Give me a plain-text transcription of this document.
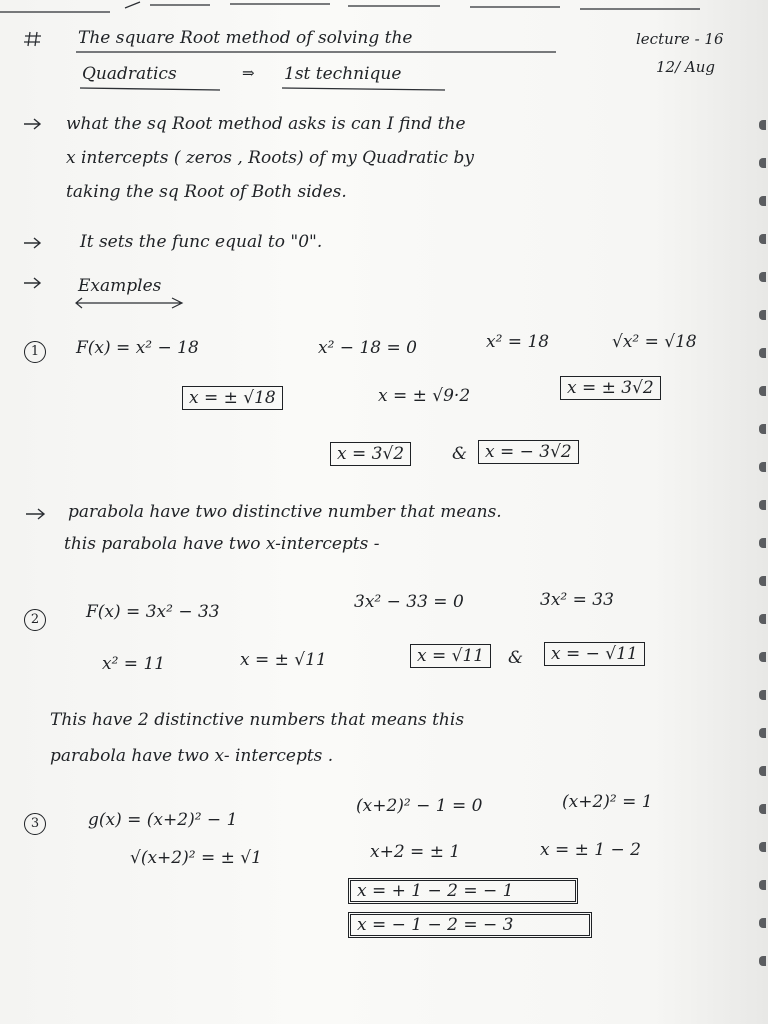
The square Root method of solving the
Quadratics	⇒ 1st technique
lecture - 16
12/ Aug
what the sq Root method asks is can I find the
x intercepts ( zeros , Roots) of my Quadratic by
taking the sq Root of Both sides.
It sets the func equal to "0".
Examples
1	F(x) = x² − 18	x² − 18 = 0	x² = 18	√x² = √18
x = ± √18	x = ± √9·2	x = ± 3√2
x = 3√2	&	x = − 3√2
parabola have two distinctive number that means.
this parabola have two x-intercepts -
2	F(x) = 3x² − 33	3x² − 33 = 0	3x² = 33
x² = 11	x = ± √11	x = √11	&	x = − √11
This have 2 distinctive numbers that means this
parabola have two x- intercepts .
3	g(x) = (x+2)² − 1
(x+2)² − 1 = 0	(x+2)² = 1
√(x+2)² = ± √1	x+2 = ± 1	x = ± 1 − 2
x = + 1 − 2 = − 1
x = − 1 − 2 = − 3
